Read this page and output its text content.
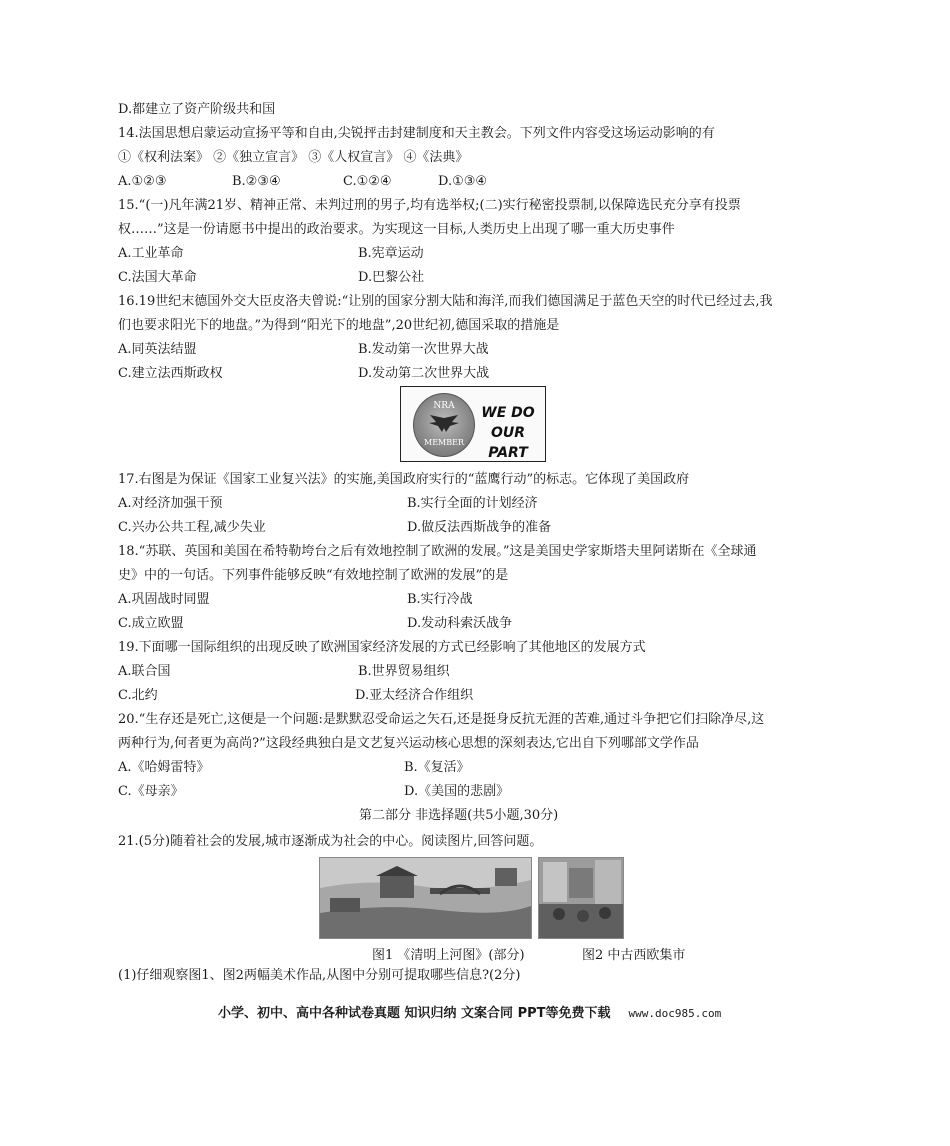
D.都建立了资产阶级共和国
14.法国思想启蒙运动宣扬平等和自由,尖锐抨击封建制度和天主教会。下列文件内容受这场运动影响的有
①《权利法案》 ②《独立宣言》 ③《人权宣言》 ④《法典》
A.①②③	B.②③④	C.①②④	D.①③④
15.“(一)凡年满21岁、精神正常、未判过刑的男子,均有选举权;(二)实行秘密投票制,以保障选民充分享有投票
权……”这是一份请愿书中提出的政治要求。为实现这一目标,人类历史上出现了哪一重大历史事件
A.工业革命	B.宪章运动
C.法国大革命	D.巴黎公社
16.19世纪末德国外交大臣皮洛夫曾说:“让别的国家分割大陆和海洋,而我们德国满足于蓝色天空的时代已经过去,我
们也要求阳光下的地盘。”为得到“阳光下的地盘”,20世纪初,德国采取的措施是
A.同英法结盟	B.发动第一次世界大战
C.建立法西斯政权	D.发动第二次世界大战
NRA
MEMBER
WE DO
OUR PART
17.右图是为保证《国家工业复兴法》的实施,美国政府实行的“蓝鹰行动”的标志。它体现了美国政府
A.对经济加强干预	B.实行全面的计划经济
C.兴办公共工程,减少失业	D.做反法西斯战争的准备
18.“苏联、英国和美国在希特勒垮台之后有效地控制了欧洲的发展。”这是美国史学家斯塔夫里阿诺斯在《全球通
史》中的一句话。下列事件能够反映“有效地控制了欧洲的发展”的是
A.巩固战时同盟	B.实行冷战
C.成立欧盟	D.发动科索沃战争
19.下面哪一国际组织的出现反映了欧洲国家经济发展的方式已经影响了其他地区的发展方式
A.联合国	B.世界贸易组织
C.北约	D.亚太经济合作组织
20.“生存还是死亡,这便是一个问题:是默默忍受命运之矢石,还是挺身反抗无涯的苦难,通过斗争把它们扫除净尽,这
两种行为,何者更为高尚?”这段经典独白是文艺复兴运动核心思想的深刻表达,它出自下列哪部文学作品
A.《哈姆雷特》	B.《复活》
C.《母亲》	D.《美国的悲剧》
第二部分 非选择题(共5小题,30分)
21.(5分)随着社会的发展,城市逐渐成为社会的中心。阅读图片,回答问题。
图1 《清明上河图》(部分)	图2 中古西欧集市
(1)仔细观察图1、图2两幅美术作品,从图中分别可提取哪些信息?(2分)
小学、初中、高中各种试卷真题 知识归纳 文案合同 PPT等免费下载 www.doc985.com
